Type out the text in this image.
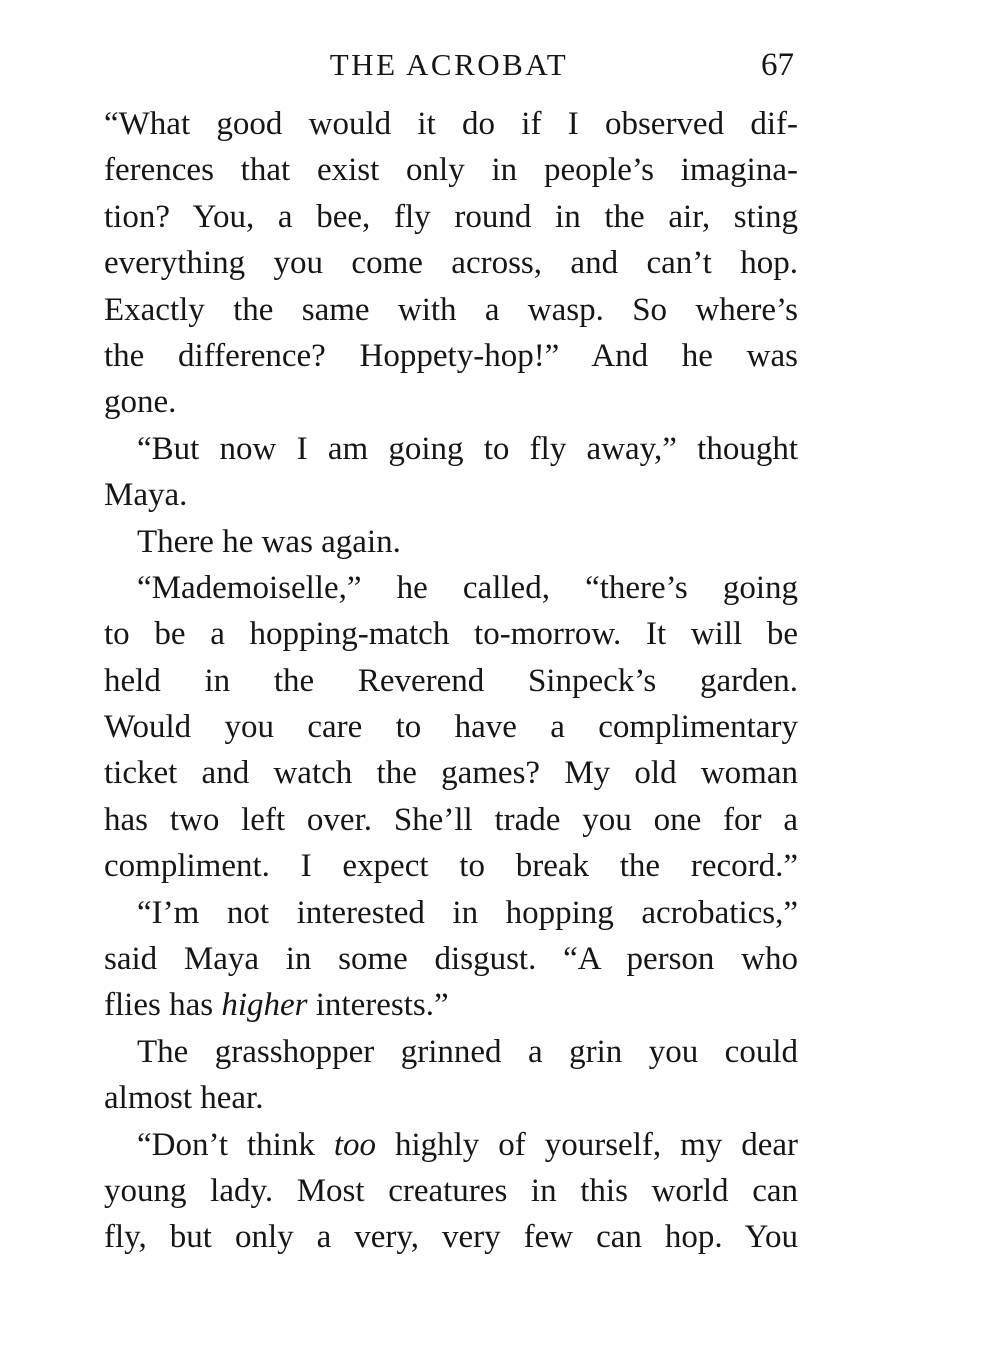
THE ACROBAT	67
“What good would it do if I observed dif-
ferences that exist only in people’s imagina-
tion? You, a bee, fly round in the air, sting
everything you come across, and can’t hop.
Exactly the same with a wasp. So where’s
the difference? Hoppety-hop!” And he was
gone.
“But now I am going to fly away,” thought
Maya.
There he was again.
“Mademoiselle,” he called, “there’s going
to be a hopping-match to-morrow. It will be
held in the Reverend Sinpeck’s garden.
Would you care to have a complimentary
ticket and watch the games? My old woman
has two left over. She’ll trade you one for a
compliment. I expect to break the record.”
“I’m not interested in hopping acrobatics,”
said Maya in some disgust. “A person who
flies has higher interests.”
The grasshopper grinned a grin you could
almost hear.
“Don’t think too highly of yourself, my dear
young lady. Most creatures in this world can
fly, but only a very, very few can hop. You
